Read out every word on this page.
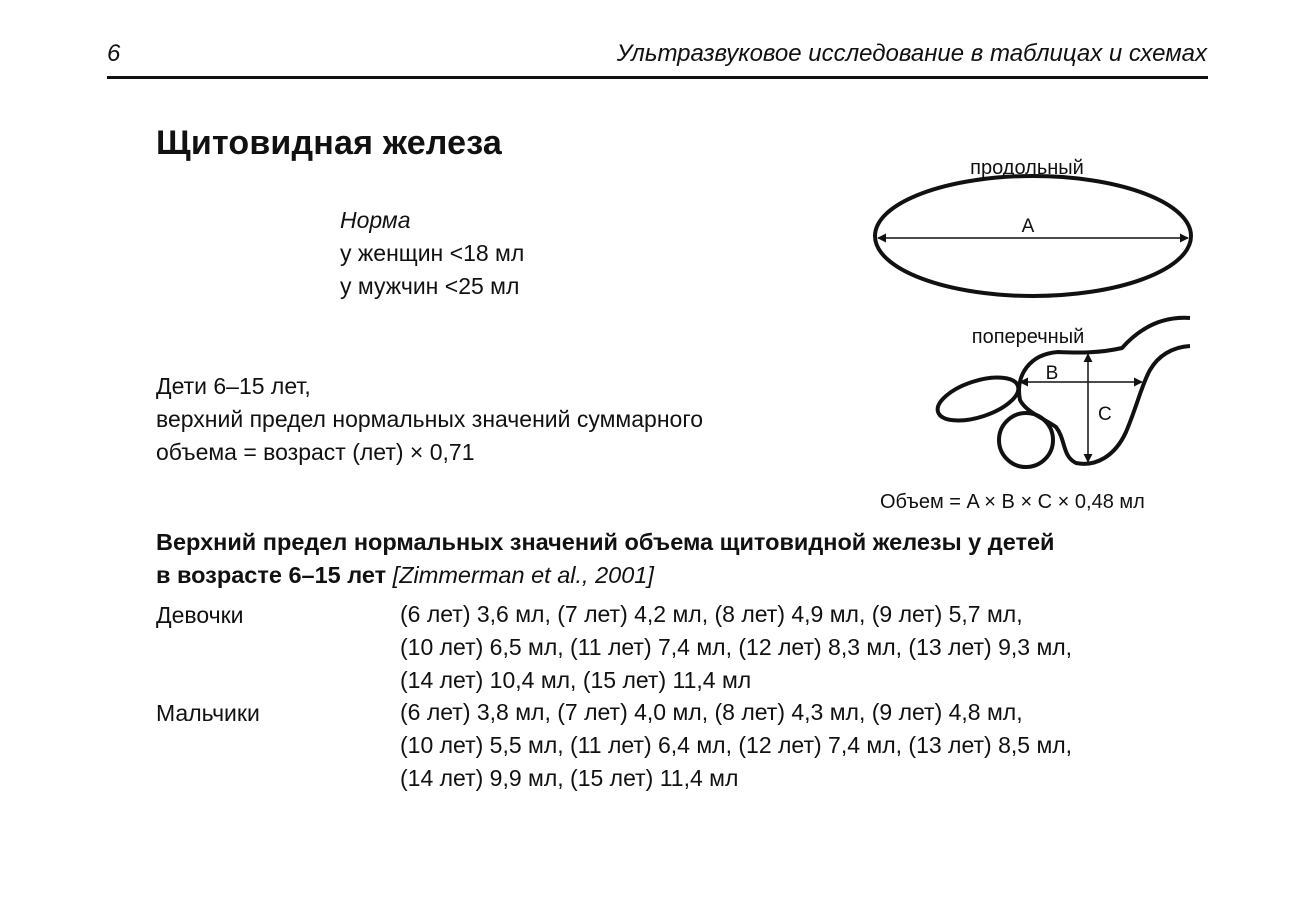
6	Ультразвуковое исследование в таблицах и схемах
Щитовидная железа
Норма
у женщин <18 мл
у мужчин <25 мл
Дети 6–15 лет,
верхний предел нормальных значений суммарного
объема = возраст (лет) × 0,71
продольный
A
поперечный
B
C
Объем = A × B × C × 0,48 мл
Верхний предел нормальных значений объема щитовидной железы у детей
в возрасте 6–15 лет [Zimmerman et al., 2001]
Девочки	(6 лет) 3,6 мл, (7 лет) 4,2 мл, (8 лет) 4,9 мл, (9 лет) 5,7 мл,
(10 лет) 6,5 мл, (11 лет) 7,4 мл, (12 лет) 8,3 мл, (13 лет) 9,3 мл,
(14 лет) 10,4 мл, (15 лет) 11,4 мл
Мальчики	(6 лет) 3,8 мл, (7 лет) 4,0 мл, (8 лет) 4,3 мл, (9 лет) 4,8 мл,
(10 лет) 5,5 мл, (11 лет) 6,4 мл, (12 лет) 7,4 мл, (13 лет) 8,5 мл,
(14 лет) 9,9 мл, (15 лет) 11,4 мл
